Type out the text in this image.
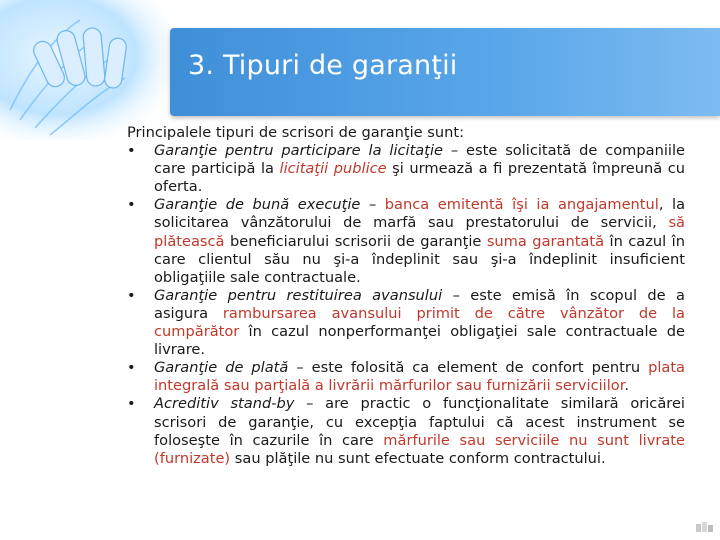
3. Tipuri de garanţii

Principalele tipuri de scrisori de garanţie sunt:

•	Garanţie pentru participare la licitaţie – este solicitată de companiile care participă la licitaţii publice şi urmează a fi prezentată împreună cu oferta.
•	Garanţie de bună execuţie – banca emitentă îşi ia angajamentul, la solicitarea vânzătorului de marfă sau prestatorului de servicii, să plătească beneficiarului scrisorii de garanţie suma garantată în cazul în care clientul său nu şi-a îndeplinit sau şi-a îndeplinit insuficient obligaţiile sale contractuale.
•	Garanţie pentru restituirea avansului – este emisă în scopul de a asigura rambursarea avansului primit de către vânzător de la cumpărător în cazul nonperformanţei obligaţiei sale contractuale de livrare.
•	Garanţie de plată – este folosită ca element de confort pentru plata integrală sau parţială a livrării mărfurilor sau furnizării serviciilor.
•	Acreditiv stand-by – are practic o funcţionalitate similară oricărei scrisori de garanţie, cu excepţia faptului că acest instrument se foloseşte în cazurile în care mărfurile sau serviciile nu sunt livrate (furnizate) sau plăţile nu sunt efectuate conform contractului.
